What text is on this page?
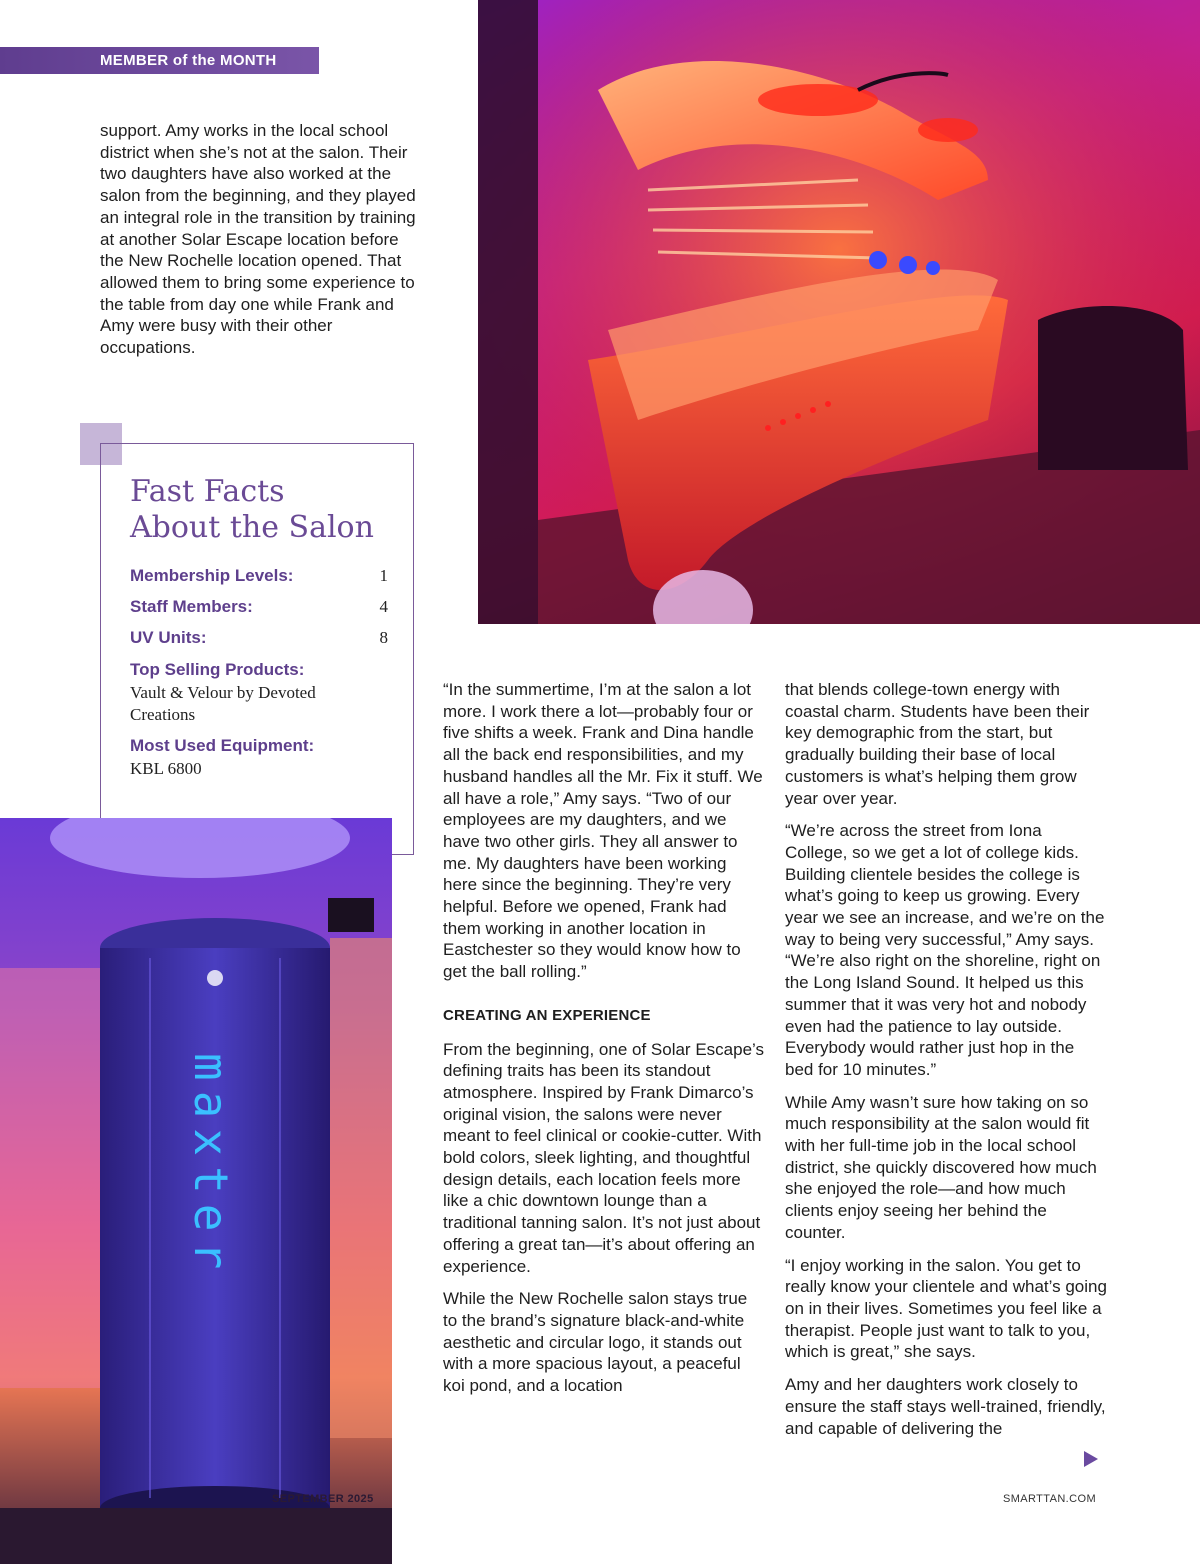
MEMBER of the MONTH

support. Amy works in the local school district when she’s not at the salon. Their two daughters have also worked at the salon from the beginning, and they played an integral role in the transition by training at another Solar Escape location before the New Rochelle location opened. That allowed them to bring some experience to the table from day one while Frank and Amy were busy with their other occupations.

Fast Facts
About the Salon
Membership Levels:	1
Staff Members:	4
UV Units:	8
Top Selling Products:
Vault & Velour by Devoted Creations
Most Used Equipment:
KBL 6800
maxter
SEPTEMBER 2025

“In the summertime, I’m at the salon a lot more. I work there a lot—probably four or five shifts a week. Frank and Dina handle all the back end responsibilities, and my husband handles all the Mr. Fix it stuff. We all have a role,” Amy says. “Two of our employees are my daughters, and we have two other girls. They all answer to me. My daughters have been working here since the beginning. They’re very helpful. Before we opened, Frank had them working in another location in Eastchester so they would know how to get the ball rolling.”

CREATING AN EXPERIENCE

From the beginning, one of Solar Escape’s defining traits has been its standout atmosphere. Inspired by Frank Dimarco’s original vision, the salons were never meant to feel clinical or cookie-cutter. With bold colors, sleek lighting, and thoughtful design details, each location feels more like a chic downtown lounge than a traditional tanning salon. It’s not just about offering a great tan—it’s about offering an experience.

While the New Rochelle salon stays true to the brand’s signature black-and-white aesthetic and circular logo, it stands out with a more spacious layout, a peaceful koi pond, and a location

that blends college-town energy with coastal charm. Students have been their key demographic from the start, but gradually building their base of local customers is what’s helping them grow year over year.

“We’re across the street from Iona College, so we get a lot of college kids. Building clientele besides the college is what’s going to keep us growing. Every year we see an increase, and we’re on the way to being very successful,” Amy says. “We’re also right on the shoreline, right on the Long Island Sound. It helped us this summer that it was very hot and nobody even had the patience to lay outside. Everybody would rather just hop in the bed for 10 minutes.”

While Amy wasn’t sure how taking on so much responsibility at the salon would fit with her full-time job in the local school district, she quickly discovered how much she enjoyed the role—and how much clients enjoy seeing her behind the counter.

“I enjoy working in the salon. You get to really know your clientele and what’s going on in their lives. Sometimes you feel like a therapist. People just want to talk to you, which is great,” she says.

Amy and her daughters work closely to ensure the staff stays well-trained, friendly, and capable of delivering the

SMARTTAN.COM
